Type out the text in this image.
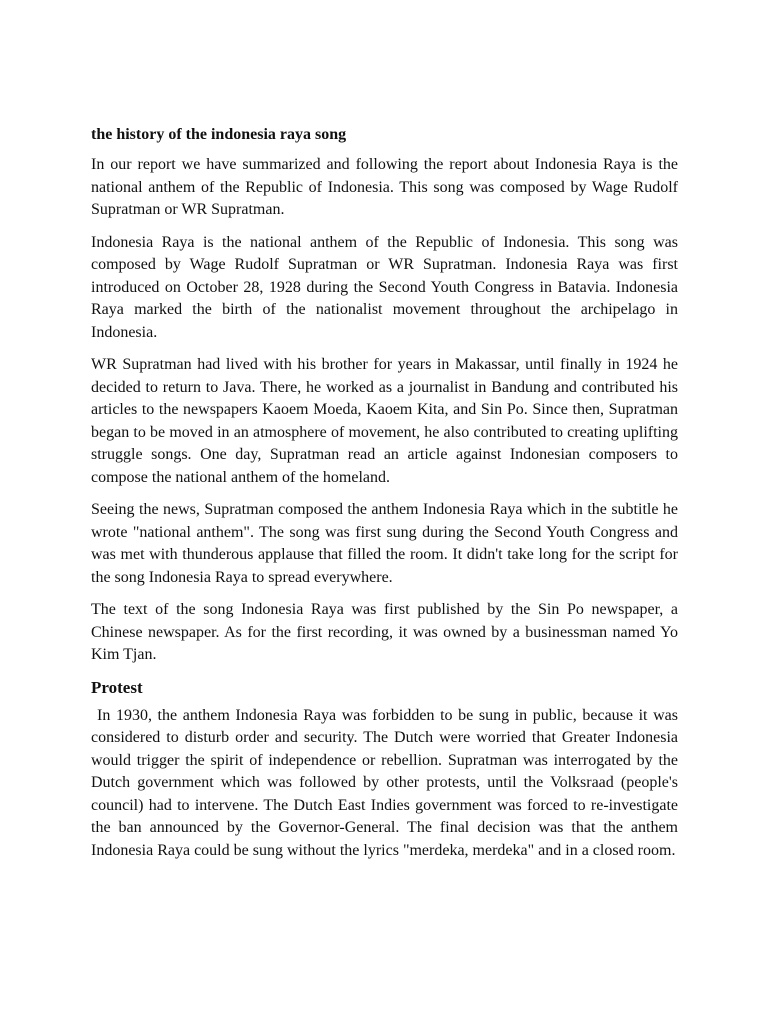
the history of the indonesia raya song

In our report we have summarized and following the report about Indonesia Raya is the national anthem of the Republic of Indonesia. This song was composed by Wage Rudolf Supratman or WR Supratman.

Indonesia Raya is the national anthem of the Republic of Indonesia. This song was composed by Wage Rudolf Supratman or WR Supratman. Indonesia Raya was first introduced on October 28, 1928 during the Second Youth Congress in Batavia. Indonesia Raya marked the birth of the nationalist movement throughout the archipelago in Indonesia.

WR Supratman had lived with his brother for years in Makassar, until finally in 1924 he decided to return to Java. There, he worked as a journalist in Bandung and contributed his articles to the newspapers Kaoem Moeda, Kaoem Kita, and Sin Po. Since then, Supratman began to be moved in an atmosphere of movement, he also contributed to creating uplifting struggle songs. One day, Supratman read an article against Indonesian composers to compose the national anthem of the homeland.

Seeing the news, Supratman composed the anthem Indonesia Raya which in the subtitle he wrote "national anthem". The song was first sung during the Second Youth Congress and was met with thunderous applause that filled the room. It didn't take long for the script for the song Indonesia Raya to spread everywhere.

The text of the song Indonesia Raya was first published by the Sin Po newspaper, a Chinese newspaper. As for the first recording, it was owned by a businessman named Yo Kim Tjan.

Protest

In 1930, the anthem Indonesia Raya was forbidden to be sung in public, because it was considered to disturb order and security. The Dutch were worried that Greater Indonesia would trigger the spirit of independence or rebellion. Supratman was interrogated by the Dutch government which was followed by other protests, until the Volksraad (people's council) had to intervene. The Dutch East Indies government was forced to re-investigate the ban announced by the Governor-General. The final decision was that the anthem Indonesia Raya could be sung without the lyrics "merdeka, merdeka" and in a closed room.
